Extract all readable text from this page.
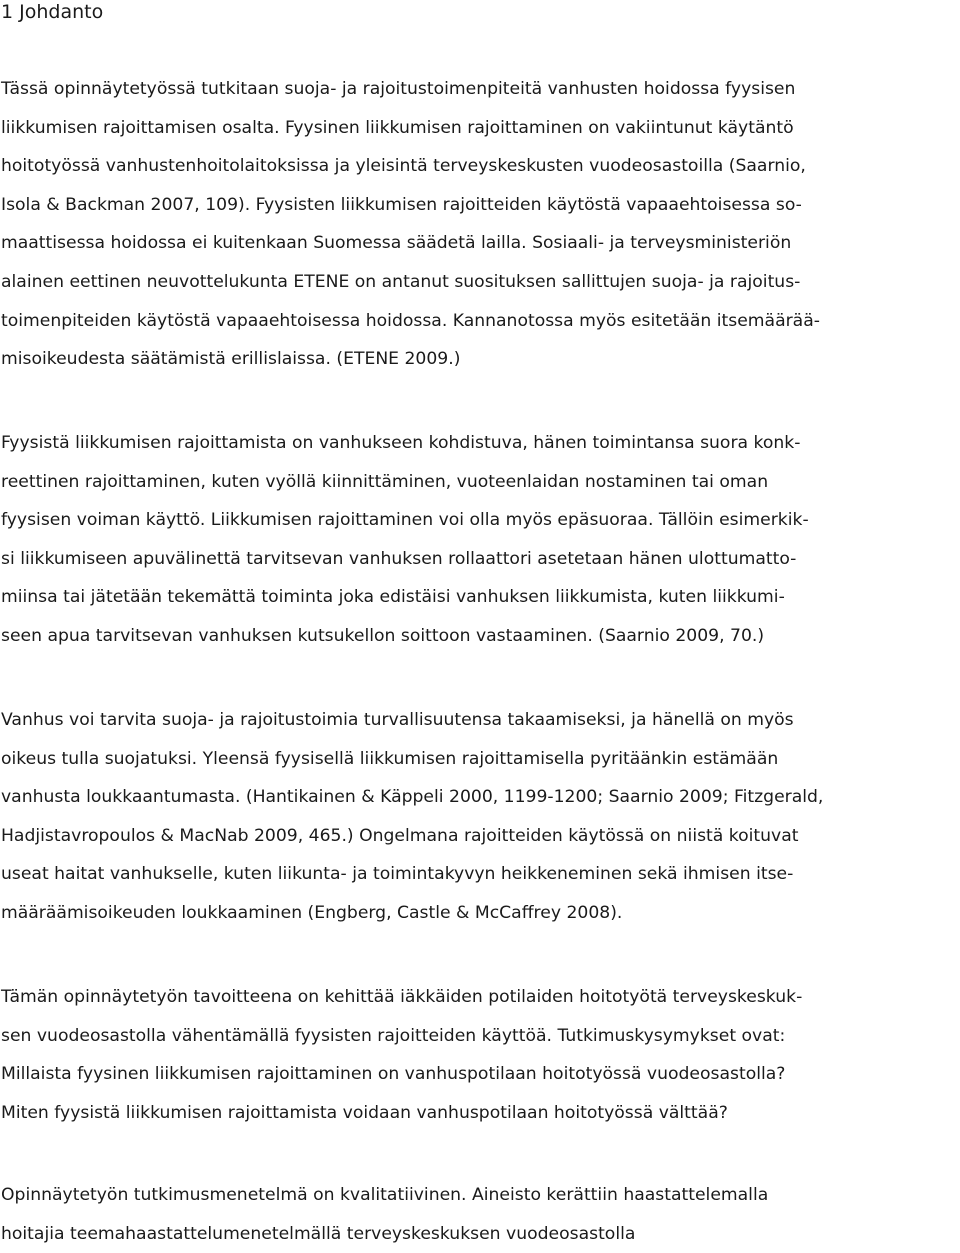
1 Johdanto
Tässä opinnäytetyössä tutkitaan suoja- ja rajoitustoimenpiteitä vanhusten hoidossa fyysisen
liikkumisen rajoittamisen osalta. Fyysinen liikkumisen rajoittaminen on vakiintunut käytäntö
hoitotyössä vanhustenhoitolaitoksissa ja yleisintä terveyskeskusten vuodeosastoilla (Saarnio,
Isola & Backman 2007, 109). Fyysisten liikkumisen rajoitteiden käytöstä vapaaehtoisessa so-
maattisessa hoidossa ei kuitenkaan Suomessa säädetä lailla. Sosiaali- ja terveysministeriön
alainen eettinen neuvottelukunta ETENE on antanut suosituksen sallittujen suoja- ja rajoitus-
toimenpiteiden käytöstä vapaaehtoisessa hoidossa. Kannanotossa myös esitetään itsemäärää-
misoikeudesta säätämistä erillislaissa. (ETENE 2009.)
Fyysistä liikkumisen rajoittamista on vanhukseen kohdistuva, hänen toimintansa suora konk-
reettinen rajoittaminen, kuten vyöllä kiinnittäminen, vuoteenlaidan nostaminen tai oman
fyysisen voiman käyttö. Liikkumisen rajoittaminen voi olla myös epäsuoraa. Tällöin esimerkik-
si liikkumiseen apuvälinettä tarvitsevan vanhuksen rollaattori asetetaan hänen ulottumatto-
miinsa tai jätetään tekemättä toiminta joka edistäisi vanhuksen liikkumista, kuten liikkumi-
seen apua tarvitsevan vanhuksen kutsukellon soittoon vastaaminen. (Saarnio 2009, 70.)
Vanhus voi tarvita suoja- ja rajoitustoimia turvallisuutensa takaamiseksi, ja hänellä on myös
oikeus tulla suojatuksi. Yleensä fyysisellä liikkumisen rajoittamisella pyritäänkin estämään
vanhusta loukkaantumasta. (Hantikainen & Käppeli 2000, 1199-1200; Saarnio 2009; Fitzgerald,
Hadjistavropoulos & MacNab 2009, 465.) Ongelmana rajoitteiden käytössä on niistä koituvat
useat haitat vanhukselle, kuten liikunta- ja toimintakyvyn heikkeneminen sekä ihmisen itse-
määräämisoikeuden loukkaaminen (Engberg, Castle & McCaffrey 2008).
Tämän opinnäytetyön tavoitteena on kehittää iäkkäiden potilaiden hoitotyötä terveyskeskuk-
sen vuodeosastolla vähentämällä fyysisten rajoitteiden käyttöä. Tutkimuskysymykset ovat:
Millaista fyysinen liikkumisen rajoittaminen on vanhuspotilaan hoitotyössä vuodeosastolla?
Miten fyysistä liikkumisen rajoittamista voidaan vanhuspotilaan hoitotyössä välttää?
Opinnäytetyön tutkimusmenetelmä on kvalitatiivinen. Aineisto kerättiin haastattelemalla
hoitajia teemahaastattelumenetelmällä terveyskeskuksen vuodeosastolla
